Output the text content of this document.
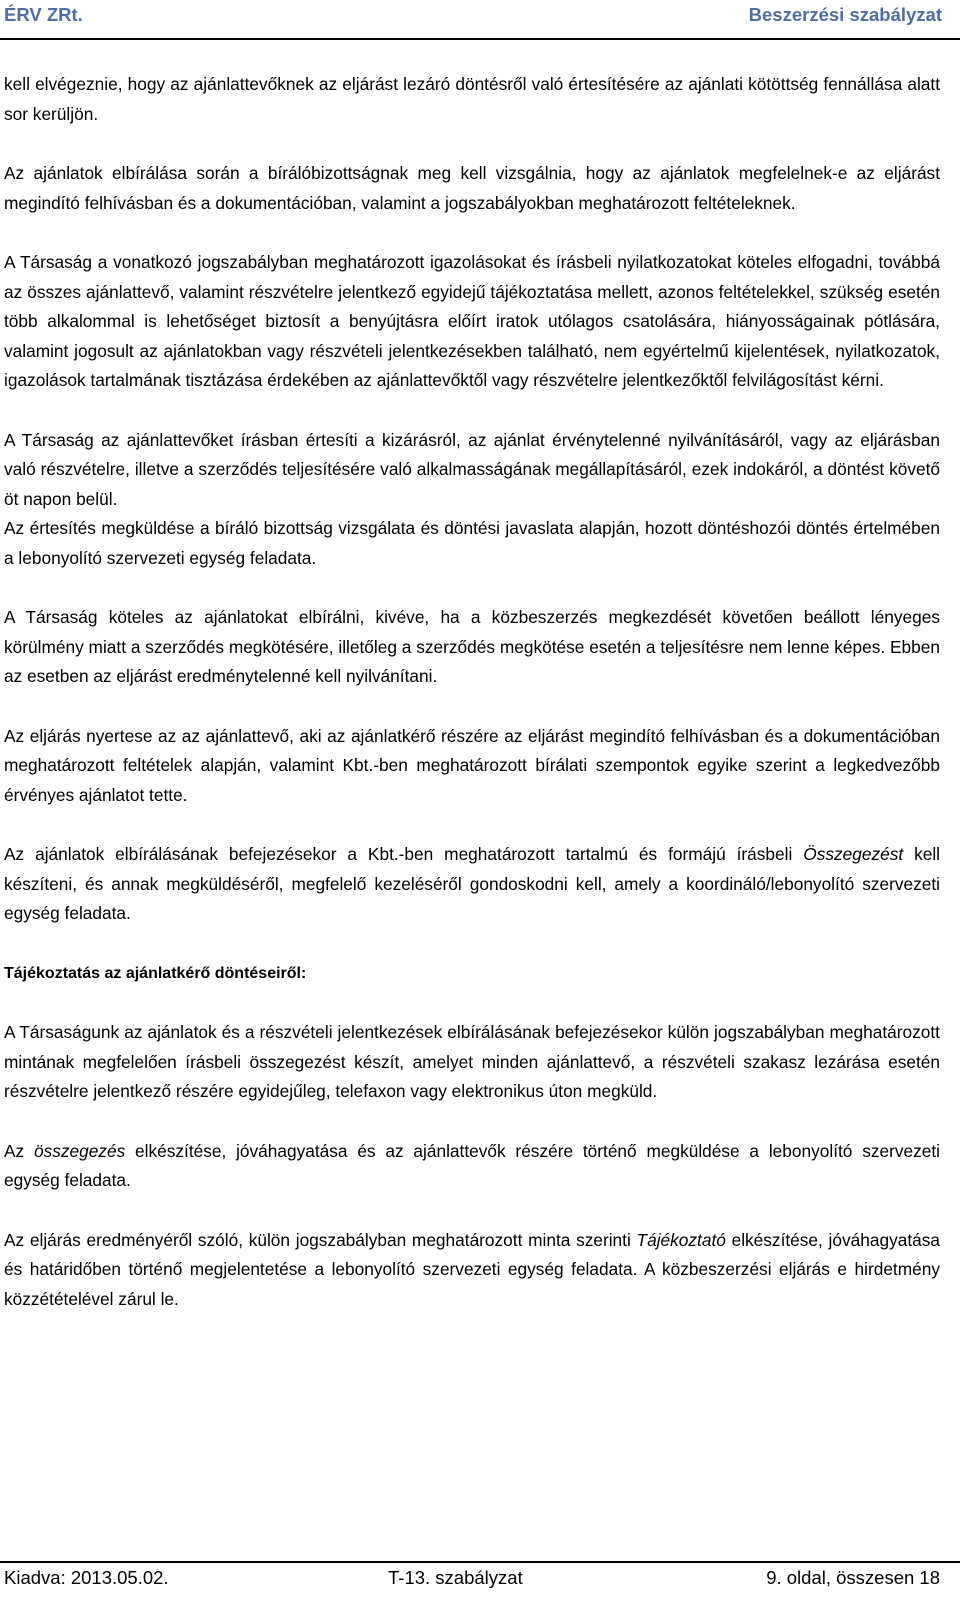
ÉRV ZRt.	Beszerzési szabályzat

kell elvégeznie, hogy az ajánlattevőknek az eljárást lezáró döntésről való értesítésére az ajánlati kötöttség fennállása alatt sor kerüljön.

Az ajánlatok elbírálása során a bírálóbizottságnak meg kell vizsgálnia, hogy az ajánlatok megfelelnek-e az eljárást megindító felhívásban és a dokumentációban, valamint a jogszabályokban meghatározott feltételeknek.

A Társaság a vonatkozó jogszabályban meghatározott igazolásokat és írásbeli nyilatkozatokat köteles elfogadni, továbbá az összes ajánlattevő, valamint részvételre jelentkező egyidejű tájékoztatása mellett, azonos feltételekkel, szükség esetén több alkalommal is lehetőséget biztosít a benyújtásra előírt iratok utólagos csatolására, hiányosságainak pótlására, valamint jogosult az ajánlatokban vagy részvételi jelentkezésekben található, nem egyértelmű kijelentések, nyilatkozatok, igazolások tartalmának tisztázása érdekében az ajánlattevőktől vagy részvételre jelentkezőktől felvilágosítást kérni.

A Társaság az ajánlattevőket írásban értesíti a kizárásról, az ajánlat érvénytelenné nyilvánításáról, vagy az eljárásban való részvételre, illetve a szerződés teljesítésére való alkalmasságának megállapításáról, ezek indokáról, a döntést követő öt napon belül.

Az értesítés megküldése a bíráló bizottság vizsgálata és döntési javaslata alapján, hozott döntéshozói döntés értelmében a lebonyolító szervezeti egység feladata.

A Társaság köteles az ajánlatokat elbírálni, kivéve, ha a közbeszerzés megkezdését követően beállott lényeges körülmény miatt a szerződés megkötésére, illetőleg a szerződés megkötése esetén a teljesítésre nem lenne képes. Ebben az esetben az eljárást eredménytelenné kell nyilvánítani.

Az eljárás nyertese az az ajánlattevő, aki az ajánlatkérő részére az eljárást megindító felhívásban és a dokumentációban meghatározott feltételek alapján, valamint Kbt.-ben meghatározott bírálati szempontok egyike szerint a legkedvezőbb érvényes ajánlatot tette.

Az ajánlatok elbírálásának befejezésekor a Kbt.-ben meghatározott tartalmú és formájú írásbeli Összegezést kell készíteni, és annak megküldéséről, megfelelő kezeléséről gondoskodni kell, amely a koordináló/lebonyolító szervezeti egység feladata.

Tájékoztatás az ajánlatkérő döntéseiről:

A Társaságunk az ajánlatok és a részvételi jelentkezések elbírálásának befejezésekor külön jogszabályban meghatározott mintának megfelelően írásbeli összegezést készít, amelyet minden ajánlattevő, a részvételi szakasz lezárása esetén részvételre jelentkező részére egyidejűleg, telefaxon vagy elektronikus úton megküld.

Az összegezés elkészítése, jóváhagyatása és az ajánlattevők részére történő megküldése a lebonyolító szervezeti egység feladata.

Az eljárás eredményéről szóló, külön jogszabályban meghatározott minta szerinti Tájékoztató elkészítése, jóváhagyatása és határidőben történő megjelentetése a lebonyolító szervezeti egység feladata. A közbeszerzési eljárás e hirdetmény közzétételével zárul le.

Kiadva: 2013.05.02.	T-13. szabályzat	9. oldal, összesen 18
